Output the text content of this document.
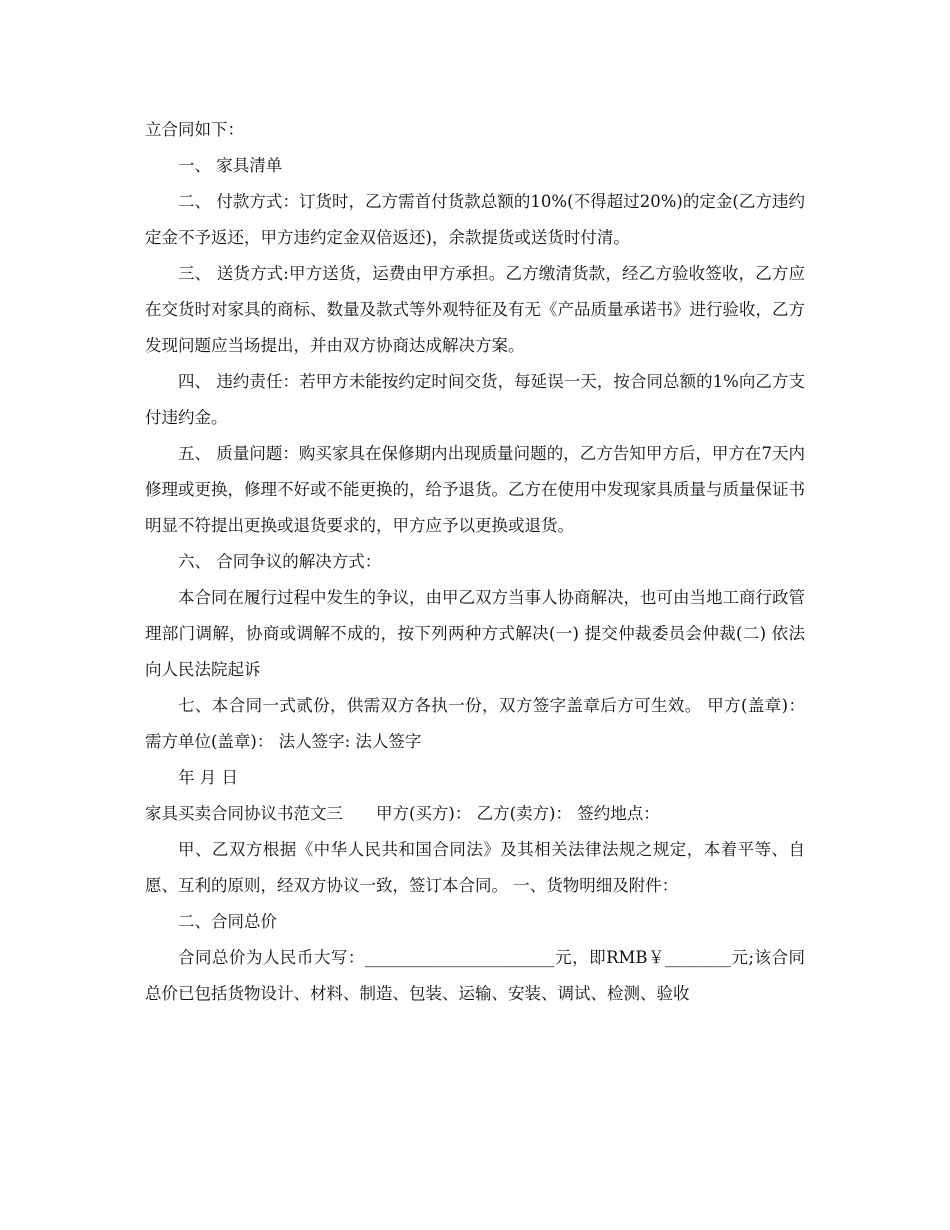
立合同如下：

一、 家具清单

二、 付款方式：订货时，乙方需首付货款总额的10%(不得超过20%)的定金(乙方违约定金不予返还，甲方违约定金双倍返还)，余款提货或送货时付清。

三、 送货方式:甲方送货，运费由甲方承担。乙方缴清货款，经乙方验收签收，乙方应在交货时对家具的商标、数量及款式等外观特征及有无《产品质量承诺书》进行验收，乙方发现问题应当场提出，并由双方协商达成解决方案。

四、 违约责任：若甲方未能按约定时间交货，每延误一天，按合同总额的1%向乙方支付违约金。

五、 质量问题：购买家具在保修期内出现质量问题的，乙方告知甲方后，甲方在7天内修理或更换，修理不好或不能更换的，给予退货。乙方在使用中发现家具质量与质量保证书明显不符提出更换或退货要求的，甲方应予以更换或退货。

六、 合同争议的解决方式：

本合同在履行过程中发生的争议，由甲乙双方当事人协商解决，也可由当地工商行政管理部门调解，协商或调解不成的，按下列两种方式解决(一) 提交仲裁委员会仲裁(二) 依法向人民法院起诉

七、本合同一式贰份，供需双方各执一份，双方签字盖章后方可生效。 甲方(盖章)： 需方单位(盖章)： 法人签字: 法人签字

年 月 日

家具买卖合同协议书范文三　　甲方(买方)： 乙方(卖方)： 签约地点：

甲、乙双方根据《中华人民共和国合同法》及其相关法律法规之规定，本着平等、自愿、互利的原则，经双方协议一致，签订本合同。 一、货物明细及附件：

二、合同总价

合同总价为人民币大写：_______________________元，即RMB￥________元;该合同总价已包括货物设计、材料、制造、包装、运输、安装、调试、检测、验收
